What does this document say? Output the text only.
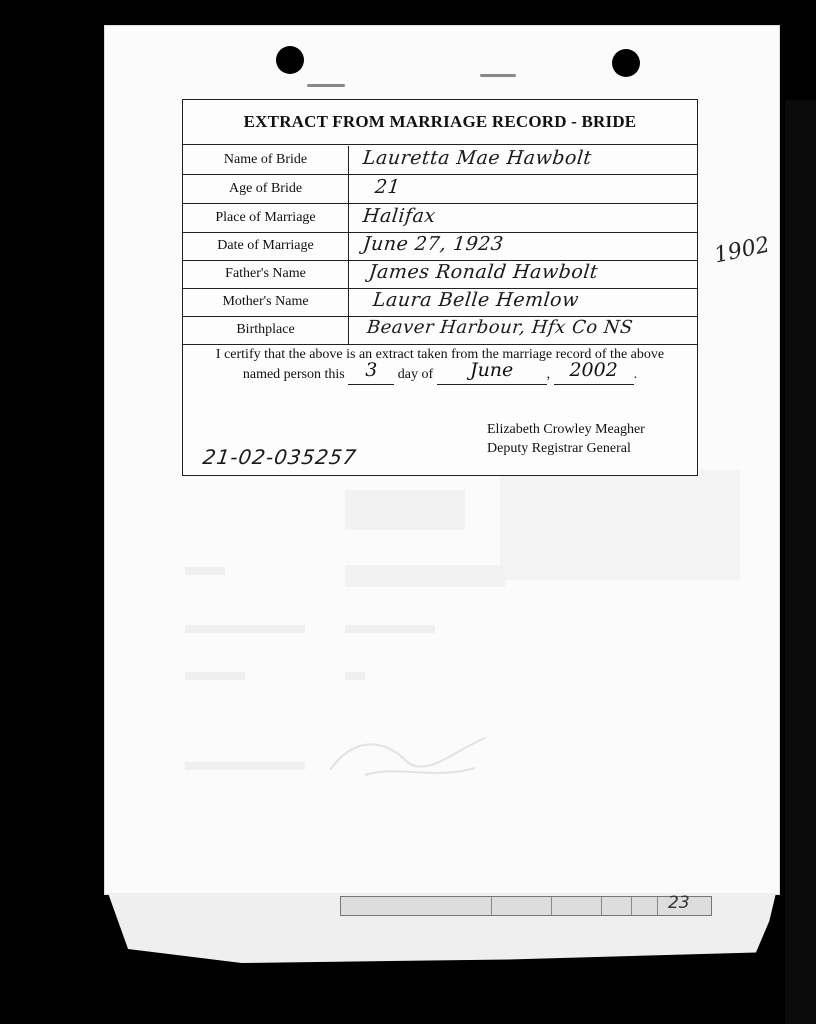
23
1902
EXTRACT FROM MARRIAGE RECORD - BRIDE
Name of Bride	Lauretta Mae Hawbolt
Age of Bride	21
Place of Marriage	Halifax
Date of Marriage	June 27, 1923
Father's Name	James Ronald Hawbolt
Mother's Name	Laura Belle Hemlow
Birthplace	Beaver Harbour, Hfx Co NS
I certify that the above is an extract taken from the marriage record of the above
named person this 3 day of June , 2002 .
Elizabeth Crowley Meagher
Deputy Registrar General
21-02-035257
